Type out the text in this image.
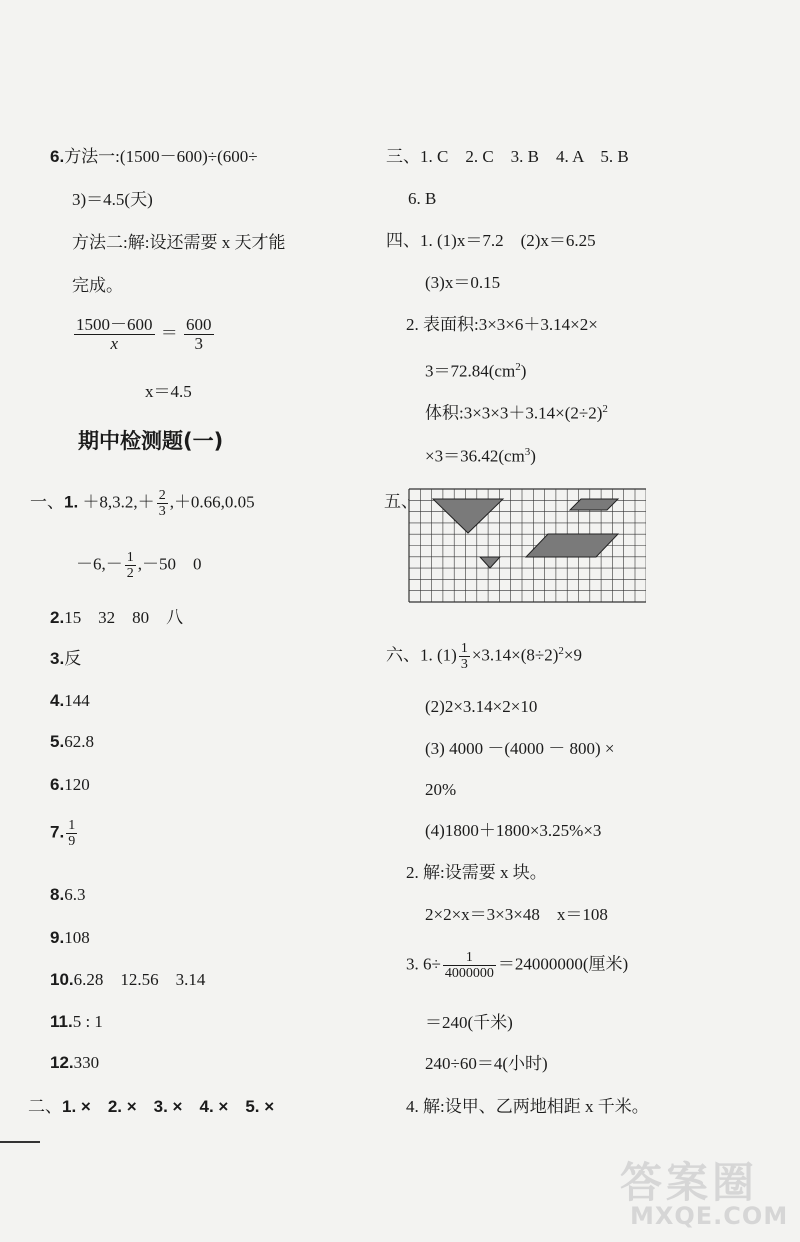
6.方法一:(1500－600)÷(600÷
3)＝4.5(天)
方法二:解:设还需要 x 天才能
完成。
$\frac{1500-600}{x} = \frac{600}{3}$
x＝4.5
期中检测题(一)
一、1. $+8,3.2,+ \frac{2}{3} ,+0.66,0.05$
$-6,- \frac{1}{2} ,-50$　0
2.15　32　80　八
3.反
4.144
5.62.8
6.120
7. $\frac{1}{9}$
8.6.3
9.108
10.6.28　12.56　3.14
11.5 : 1
12.330
二、1. ×　2. ×　3. ×　4. ×　5. ×
三、1. C　2. C　3. B　4. A　5. B
6. B
四、1. (1)x＝7.2　(2)x＝6.25
(3)x＝0.15
2. 表面积:3×3×6＋3.14×2×
$3=72.84(cm^2)$
体积$:3\times 3\times 3+3.14\times(2\div 2)^2$
$\times 3=36.42(cm^3)$
五、
六、1. $(1) \frac{1}{3} \times 3.14\times(8\div 2)^2\times 9$
(2)2×3.14×2×10
(3) 4000 －(4000 － 800) ×
20%
(4)1800＋1800×3.25%×3
2. 解:设需要 x 块。
2×2×x＝3×3×48　x＝108
3. $6\div \frac{1}{4000000} =24000000$(厘米)
＝240(千米)
240÷60＝4(小时)
4. 解:设甲、乙两地相距 x 千米。
答案圈
MXQE.COM
